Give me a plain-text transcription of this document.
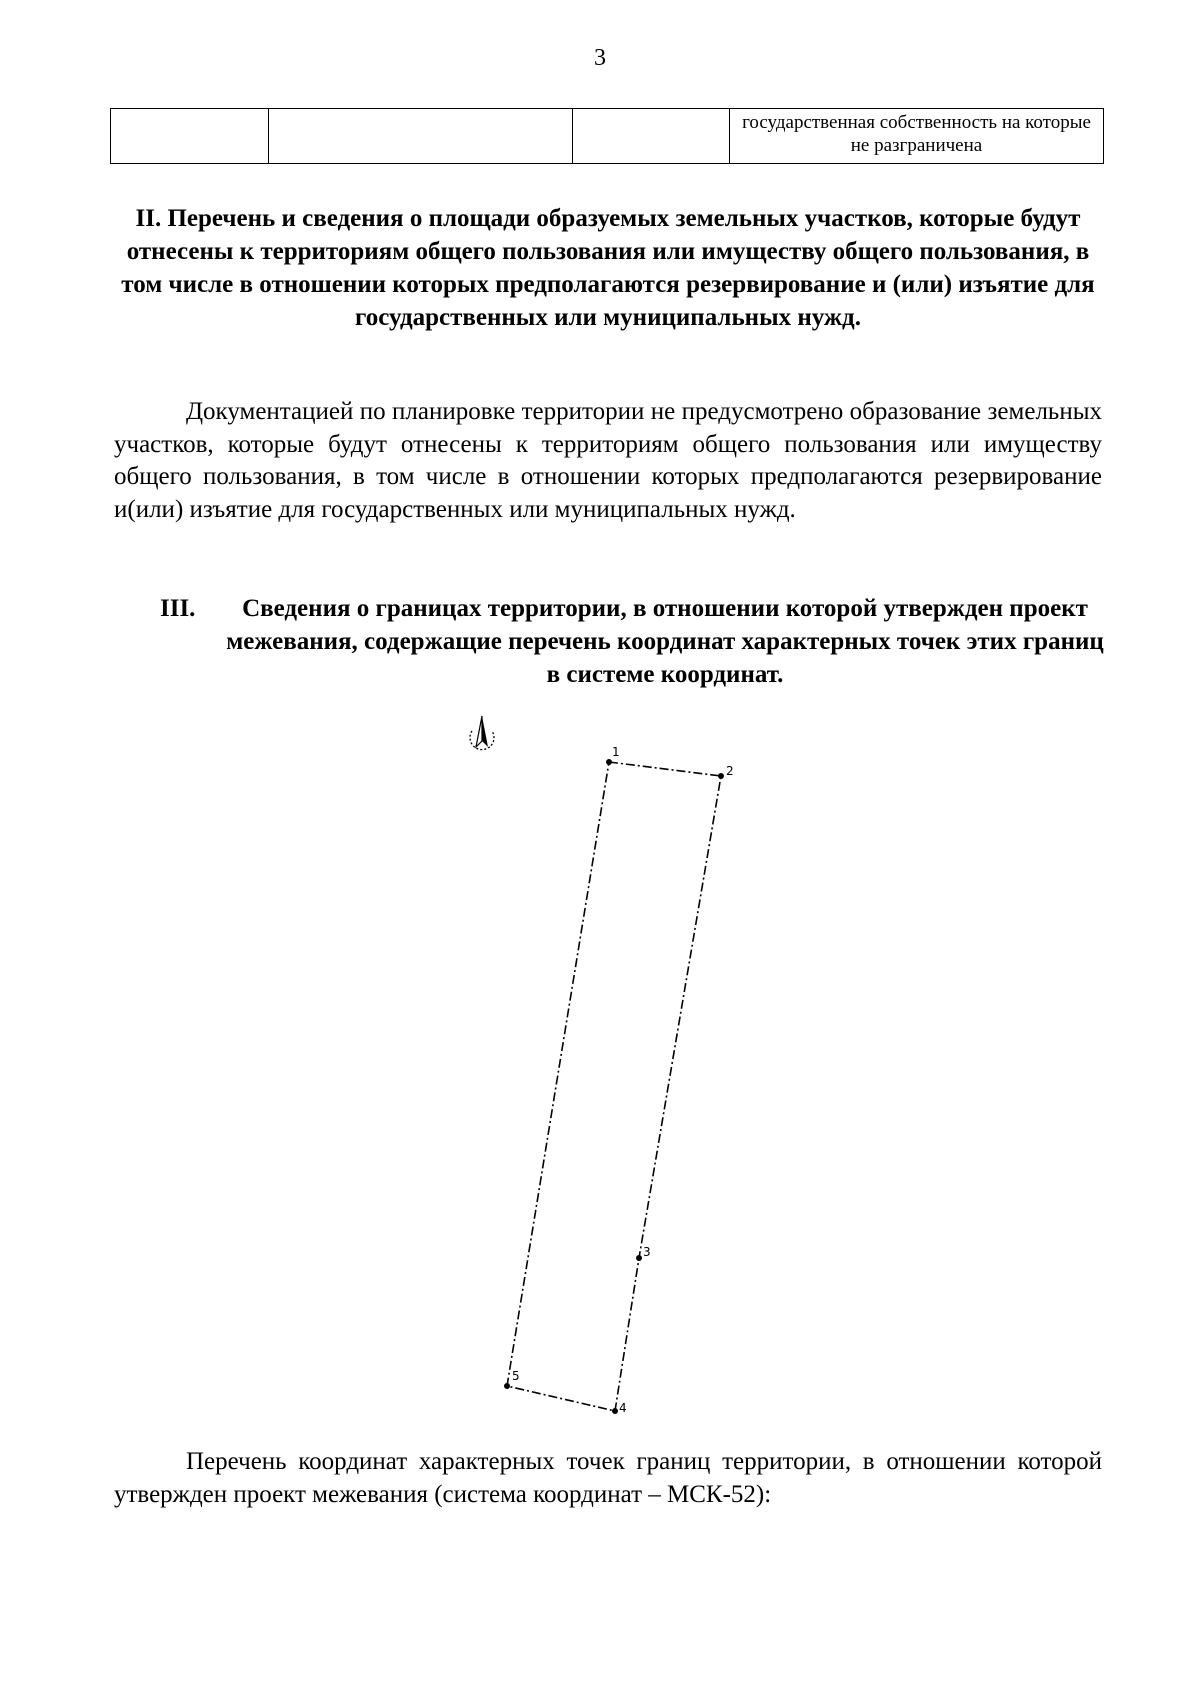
3
			государственная собственность на которые не разграничена
II. Перечень и сведения о площади образуемых земельных участков, которые будут отнесены к территориям общего пользования или имуществу общего пользования, в том числе в отношении которых предполагаются резервирование и (или) изъятие для государственных или муниципальных нужд.
Документацией по планировке территории не предусмотрено образование земельных участков, которые будут отнесены к территориям общего пользования или имуществу общего пользования, в том числе в отношении которых предполагаются резервирование и(или) изъятие для государственных или муниципальных нужд.
III.	Сведения о границах территории, в отношении которой утвержден проект межевания, содержащие перечень координат характерных точек этих границ в системе координат.
1
2
3
4
5
Перечень координат характерных точек границ территории, в отношении которой утвержден проект межевания (система координат – МСК-52):
